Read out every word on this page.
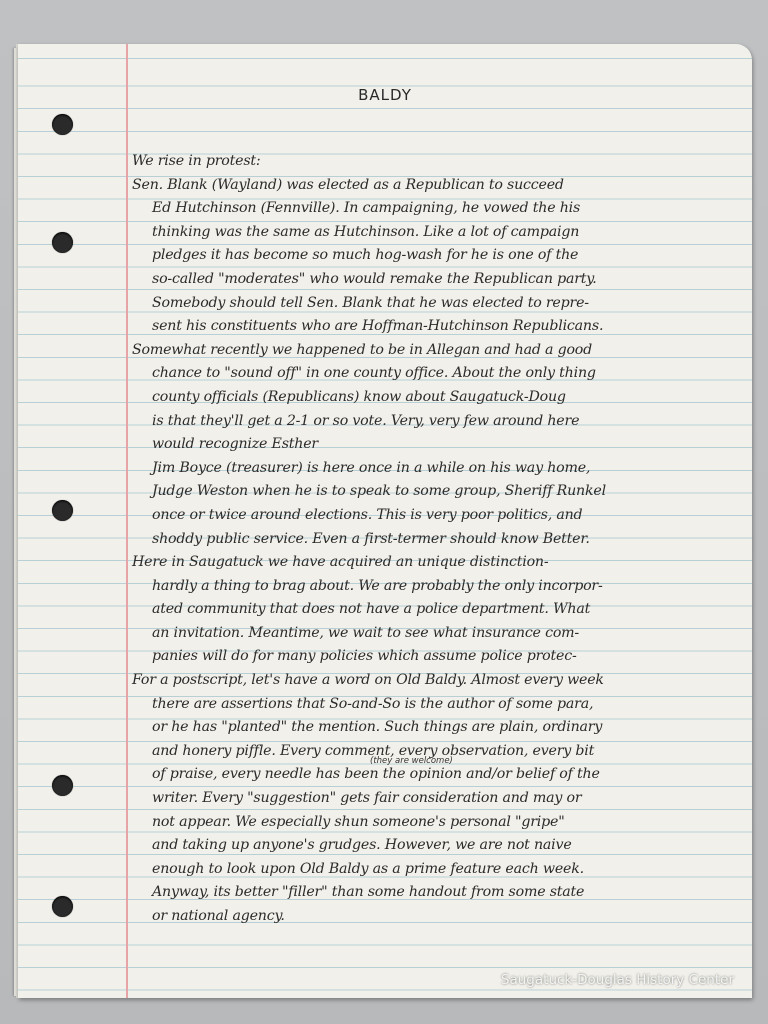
BALDY
We rise in protest:
Sen. Blank (Wayland) was elected as a Republican to succeed
Ed Hutchinson (Fennville). In campaigning, he vowed the his
thinking was the same as Hutchinson. Like a lot of campaign
pledges it has become so much hog-wash for he is one of the
so-called "moderates" who would remake the Republican party.
Somebody should tell Sen. Blank that he was elected to repre-
sent his constituents who are Hoffman-Hutchinson Republicans.
Somewhat recently we happened to be in Allegan and had a good
chance to "sound off" in one county office. About the only thing
county officials (Republicans) know about Saugatuck-Doug
is that they'll get a 2-1 or so vote. Very, very few around here
would recognize Esther
Jim Boyce (treasurer) is here once in a while on his way home,
Judge Weston when he is to speak to some group, Sheriff Runkel
once or twice around elections. This is very poor politics, and
shoddy public service. Even a first-termer should know Better.
Here in Saugatuck we have acquired an unique distinction-
hardly a thing to brag about. We are probably the only incorpor-
ated community that does not have a police department. What
an invitation. Meantime, we wait to see what insurance com-
panies will do for many policies which assume police protec-
For a postscript, let's have a word on Old Baldy. Almost every week
there are assertions that So-and-So is the author of some para,
or he has "planted" the mention. Such things are plain, ordinary
and honery piffle. Every comment, every observation, every bit
of praise, every needle has been the opinion and/or belief of the
writer. Every "suggestion" gets fair consideration and may or
not appear. We especially shun someone's personal "gripe"
and taking up anyone's grudges. However, we are not naive
enough to look upon Old Baldy as a prime feature each week.
Anyway, its better "filler" than some handout from some state
or national agency.
(they are welcome)
Saugatuck-Douglas History Center
